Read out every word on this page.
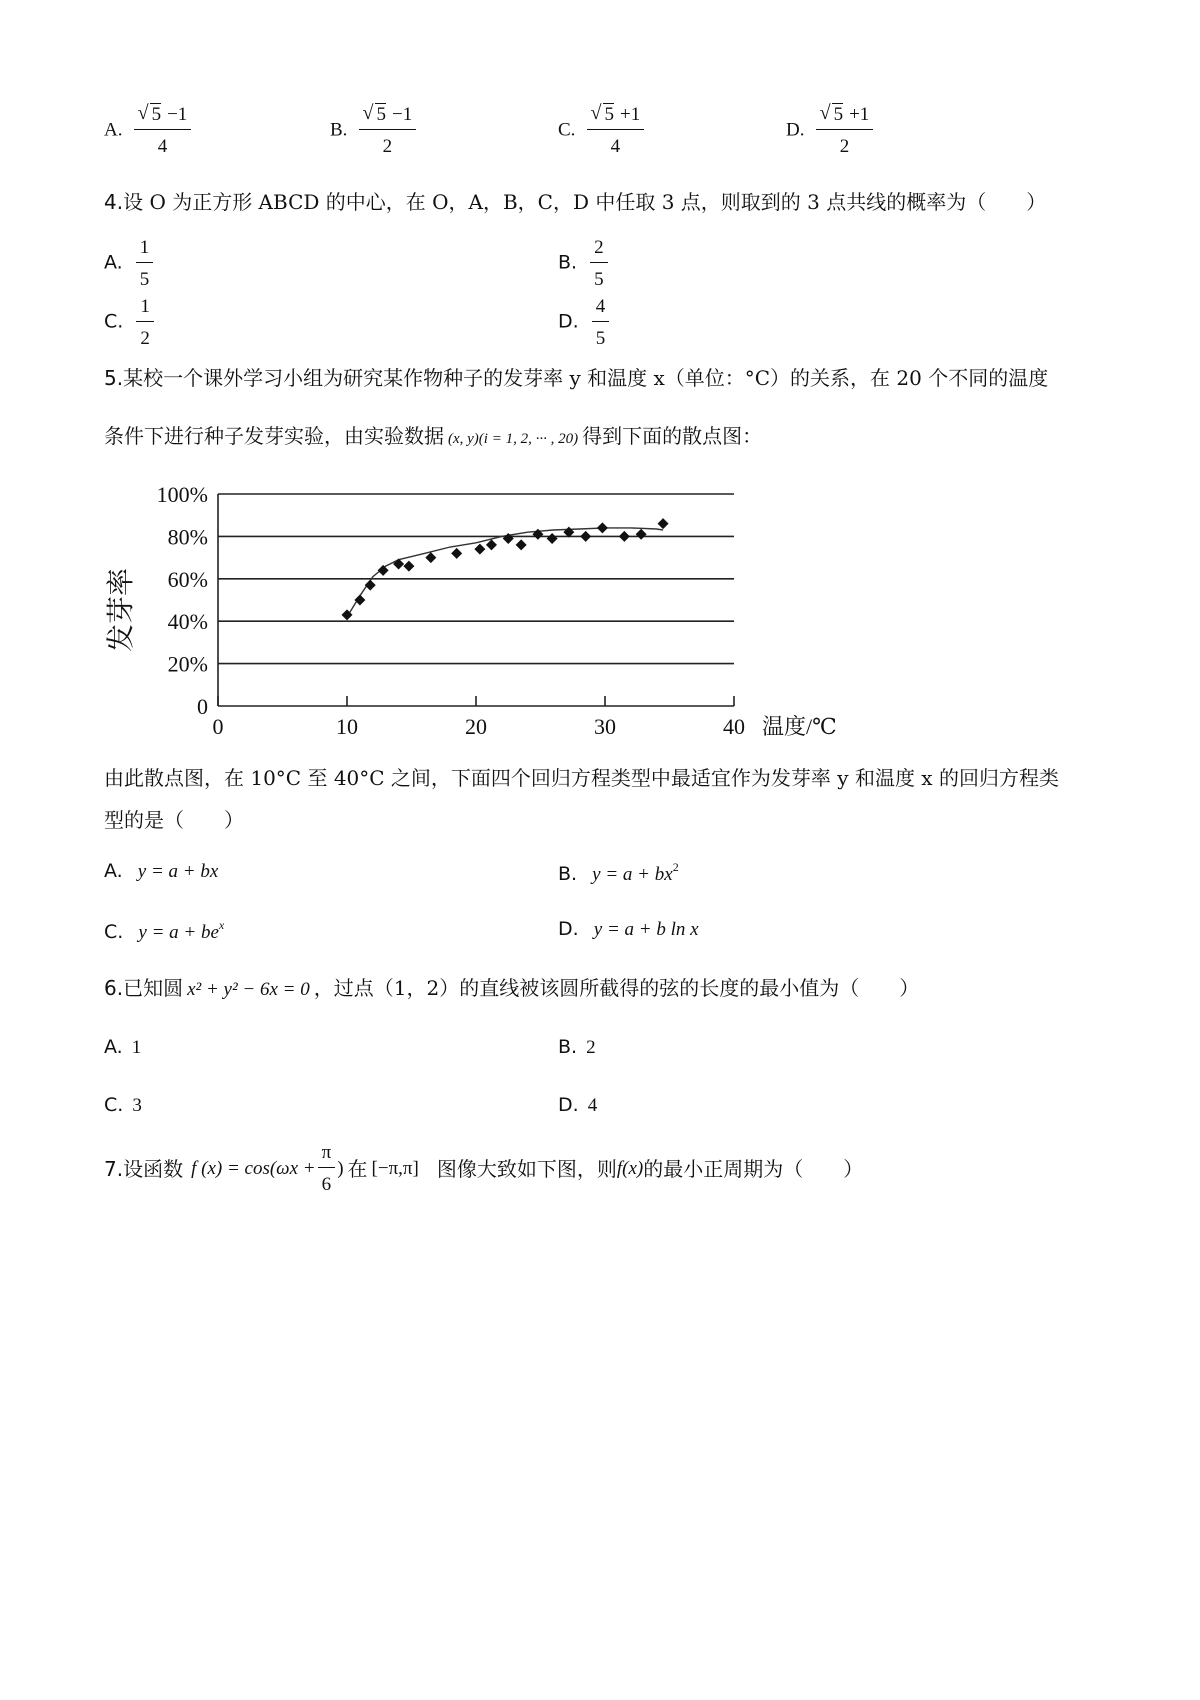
A. $\frac{√ 5 -1}{4}$	B. $\frac{√ 5 -1}{2}$	C. $\frac{√ 5 +1}{4}$	D. $\frac{√ 5 +1}{2}$
4.设 O 为正方形 ABCD 的中心，在 O，A，B，C，D 中任取 3 点，则取到的 3 点共线的概率为（　　）
A. $\frac{1}{5}$	B. $\frac{2}{5}$
C. $\frac{1}{2}$	D. $\frac{4}{5}$
5.某校一个课外学习小组为研究某作物种子的发芽率 y 和温度 x（单位：°C）的关系，在 20 个不同的温度
条件下进行种子发芽实验，由实验数据 (x, y)(i = 1, 2, ··· , 20) 得到下面的散点图：
0
20%
40%
60%
80%
100%
0	10	20	30	40 温度/℃
发芽率
由此散点图，在 10°C 至 40°C 之间，下面四个回归方程类型中最适宜作为发芽率 y 和温度 x 的回归方程类
型的是（　　）
A. y = a + bx	B. $y = a + bx^2$
C. $y = a + be^x$	D. y = a + b ln x
6.已知圆 x² + y² − 6x = 0 ，过点（1，2）的直线被该圆所截得的弦的长度的最小值为（　　）
A. 1	B. 2
C. 3	D. 4
7. 设函数 f $(x) = \cos(\omega x + \frac{\pi}{6}$ ) 在 [−π,π] 图像大致如下图，则 f(x) 的最小正周期为（　　）
